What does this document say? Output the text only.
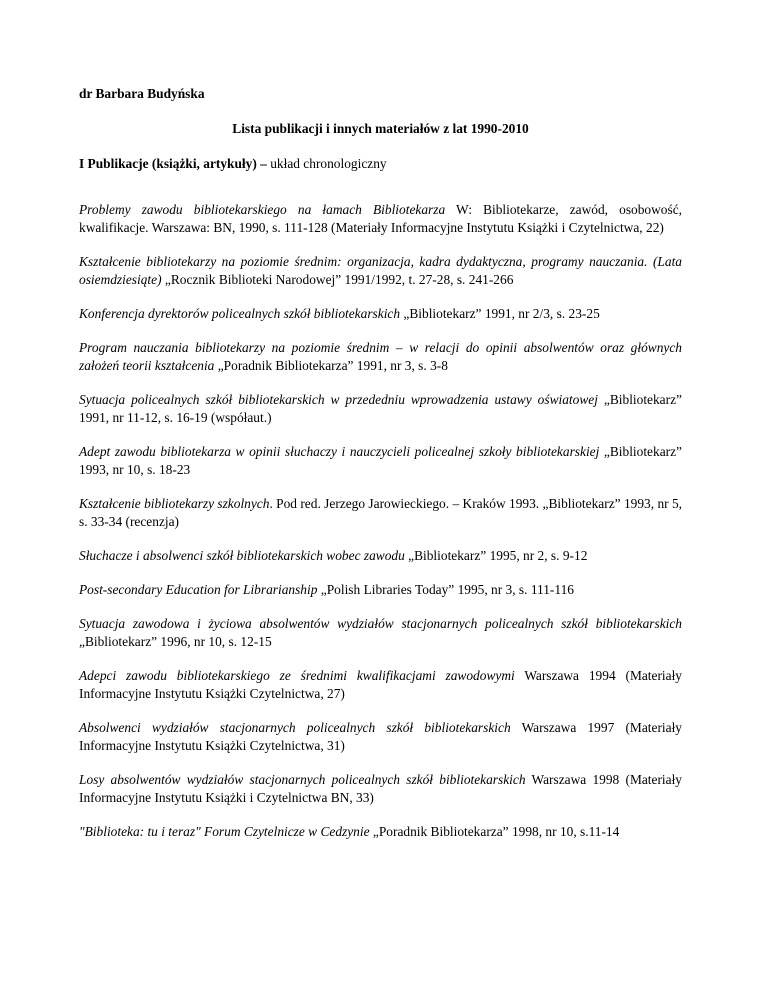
dr Barbara Budyńska
Lista publikacji i innych materiałów z lat 1990-2010
I Publikacje (książki, artykuły) – układ chronologiczny
Problemy zawodu bibliotekarskiego na łamach Bibliotekarza W: Bibliotekarze, zawód, osobowość, kwalifikacje. Warszawa: BN, 1990, s. 111-128 (Materiały Informacyjne Instytutu Książki i Czytelnictwa, 22)
Kształcenie bibliotekarzy na poziomie średnim: organizacja, kadra dydaktyczna, programy nauczania. (Lata osiemdziesiąte) „Rocznik Biblioteki Narodowej” 1991/1992, t. 27-28, s. 241-266
Konferencja dyrektorów policealnych szkół bibliotekarskich „Bibliotekarz” 1991, nr 2/3, s. 23-25
Program nauczania bibliotekarzy na poziomie średnim – w relacji do opinii absolwentów oraz głównych założeń teorii kształcenia „Poradnik Bibliotekarza” 1991, nr 3, s. 3-8
Sytuacja policealnych szkół bibliotekarskich w przededniu wprowadzenia ustawy oświatowej „Bibliotekarz” 1991, nr 11-12, s. 16-19 (współaut.)
Adept zawodu bibliotekarza w opinii słuchaczy i nauczycieli policealnej szkoły bibliotekarskiej „Bibliotekarz” 1993, nr 10, s. 18-23
Kształcenie bibliotekarzy szkolnych. Pod red. Jerzego Jarowieckiego. – Kraków 1993. „Bibliotekarz” 1993, nr 5, s. 33-34 (recenzja)
Słuchacze i absolwenci szkół bibliotekarskich wobec zawodu „Bibliotekarz” 1995, nr 2, s. 9-12
Post-secondary Education for Librarianship „Polish Libraries Today” 1995, nr 3, s. 111-116
Sytuacja zawodowa i życiowa absolwentów wydziałów stacjonarnych policealnych szkół bibliotekarskich „Bibliotekarz” 1996, nr 10, s. 12-15
Adepci zawodu bibliotekarskiego ze średnimi kwalifikacjami zawodowymi Warszawa 1994 (Materiały Informacyjne Instytutu Książki Czytelnictwa, 27)
Absolwenci wydziałów stacjonarnych policealnych szkół bibliotekarskich Warszawa 1997 (Materiały Informacyjne Instytutu Książki Czytelnictwa, 31)
Losy absolwentów wydziałów stacjonarnych policealnych szkół bibliotekarskich Warszawa 1998 (Materiały Informacyjne Instytutu Książki i Czytelnictwa BN, 33)
"Biblioteka: tu i teraz" Forum Czytelnicze w Cedzynie „Poradnik Bibliotekarza” 1998, nr 10, s.11-14
